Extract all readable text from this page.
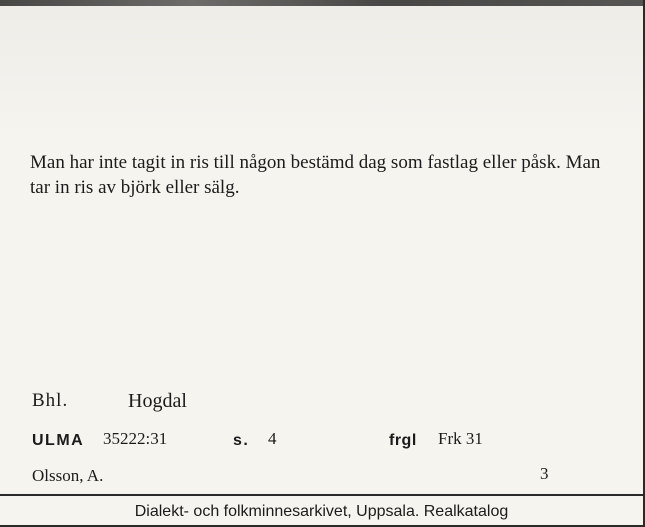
Man har inte tagit in ris till någon bestämd dag som fastlag eller påsk. Man tar in ris av björk eller sälg.
Bhl.	Hogdal
ULMA 35222:31	s. 4	frgl Frk 31
Olsson, A.	3
Dialekt- och folkminnesarkivet, Uppsala. Realkatalog
